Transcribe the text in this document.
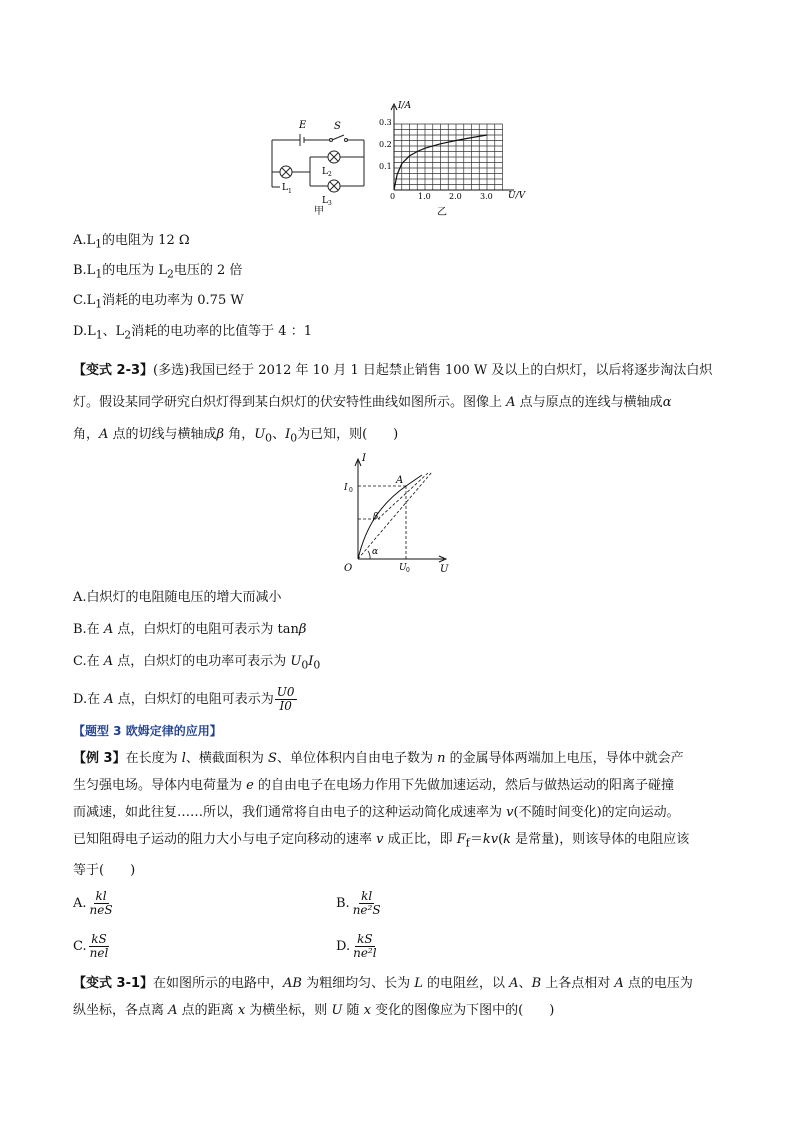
E	S
L 1
L 2
L 3
甲
I/A
U/V
0.3
0.2
0.1
0	1.0 2.0 3.0
乙
$A.L_1$的电阻为 12 Ω
$B.L_1$的电压为 $L_2$电压的 2 倍
$C.L_1$消耗的电功率为 0.75 W
$D.L_1$、$L_2$消耗的电功率的比值等于 4 ：1
【变式 2-3】(多选)我国已经于 2012 年 10 月 1 日起禁止销售 100 W 及以上的白炽灯，以后将逐步淘汰白炽
灯。假设某同学研究白炽灯得到某白炽灯的伏安特性曲线如图所示。图像上 A 点与原点的连线与横轴成α
角，A 点的切线与横轴成β 角，$U_0$、$I_0$为已知，则(　　)
I
U
O
A
α
β
I 0
U 0
A.白炽灯的电阻随电压的增大而减小
B.在 A 点，白炽灯的电阻可表示为 tanβ
C.在 A 点，白炽灯的电功率可表示为 $U_0I_0$
D.在 A 点，白炽灯的电阻可表示为 $\frac{U0}{I0}$
【题型 3 欧姆定律的应用】
【例 3】在长度为 l、横截面积为 S、单位体积内自由电子数为 n 的金属导体两端加上电压，导体中就会产
生匀强电场。导体内电荷量为 e 的自由电子在电场力作用下先做加速运动，然后与做热运动的阳离子碰撞
而减速，如此往复……所以，我们通常将自由电子的这种运动简化成速率为 v(不随时间变化)的定向运动。
已知阻碍电子运动的阻力大小与电子定向移动的速率 v 成正比，即 $F_f=kv(k$ 是常量)，则该导体的电阻应该
等于(　　)
A. $\frac{kl}{\text{neS}}$	B. $\frac{kl}{\text{ne²S}}$
C. $\frac{kS}{\text{nel}}$	D. $\frac{kS}{\text{ne²l}}$
【变式 3-1】在如图所示的电路中，AB 为粗细均匀、长为 L 的电阻丝，以 A、B 上各点相对 A 点的电压为
纵坐标，各点离 A 点的距离 x 为横坐标，则 U 随 x 变化的图像应为下图中的(　　)
